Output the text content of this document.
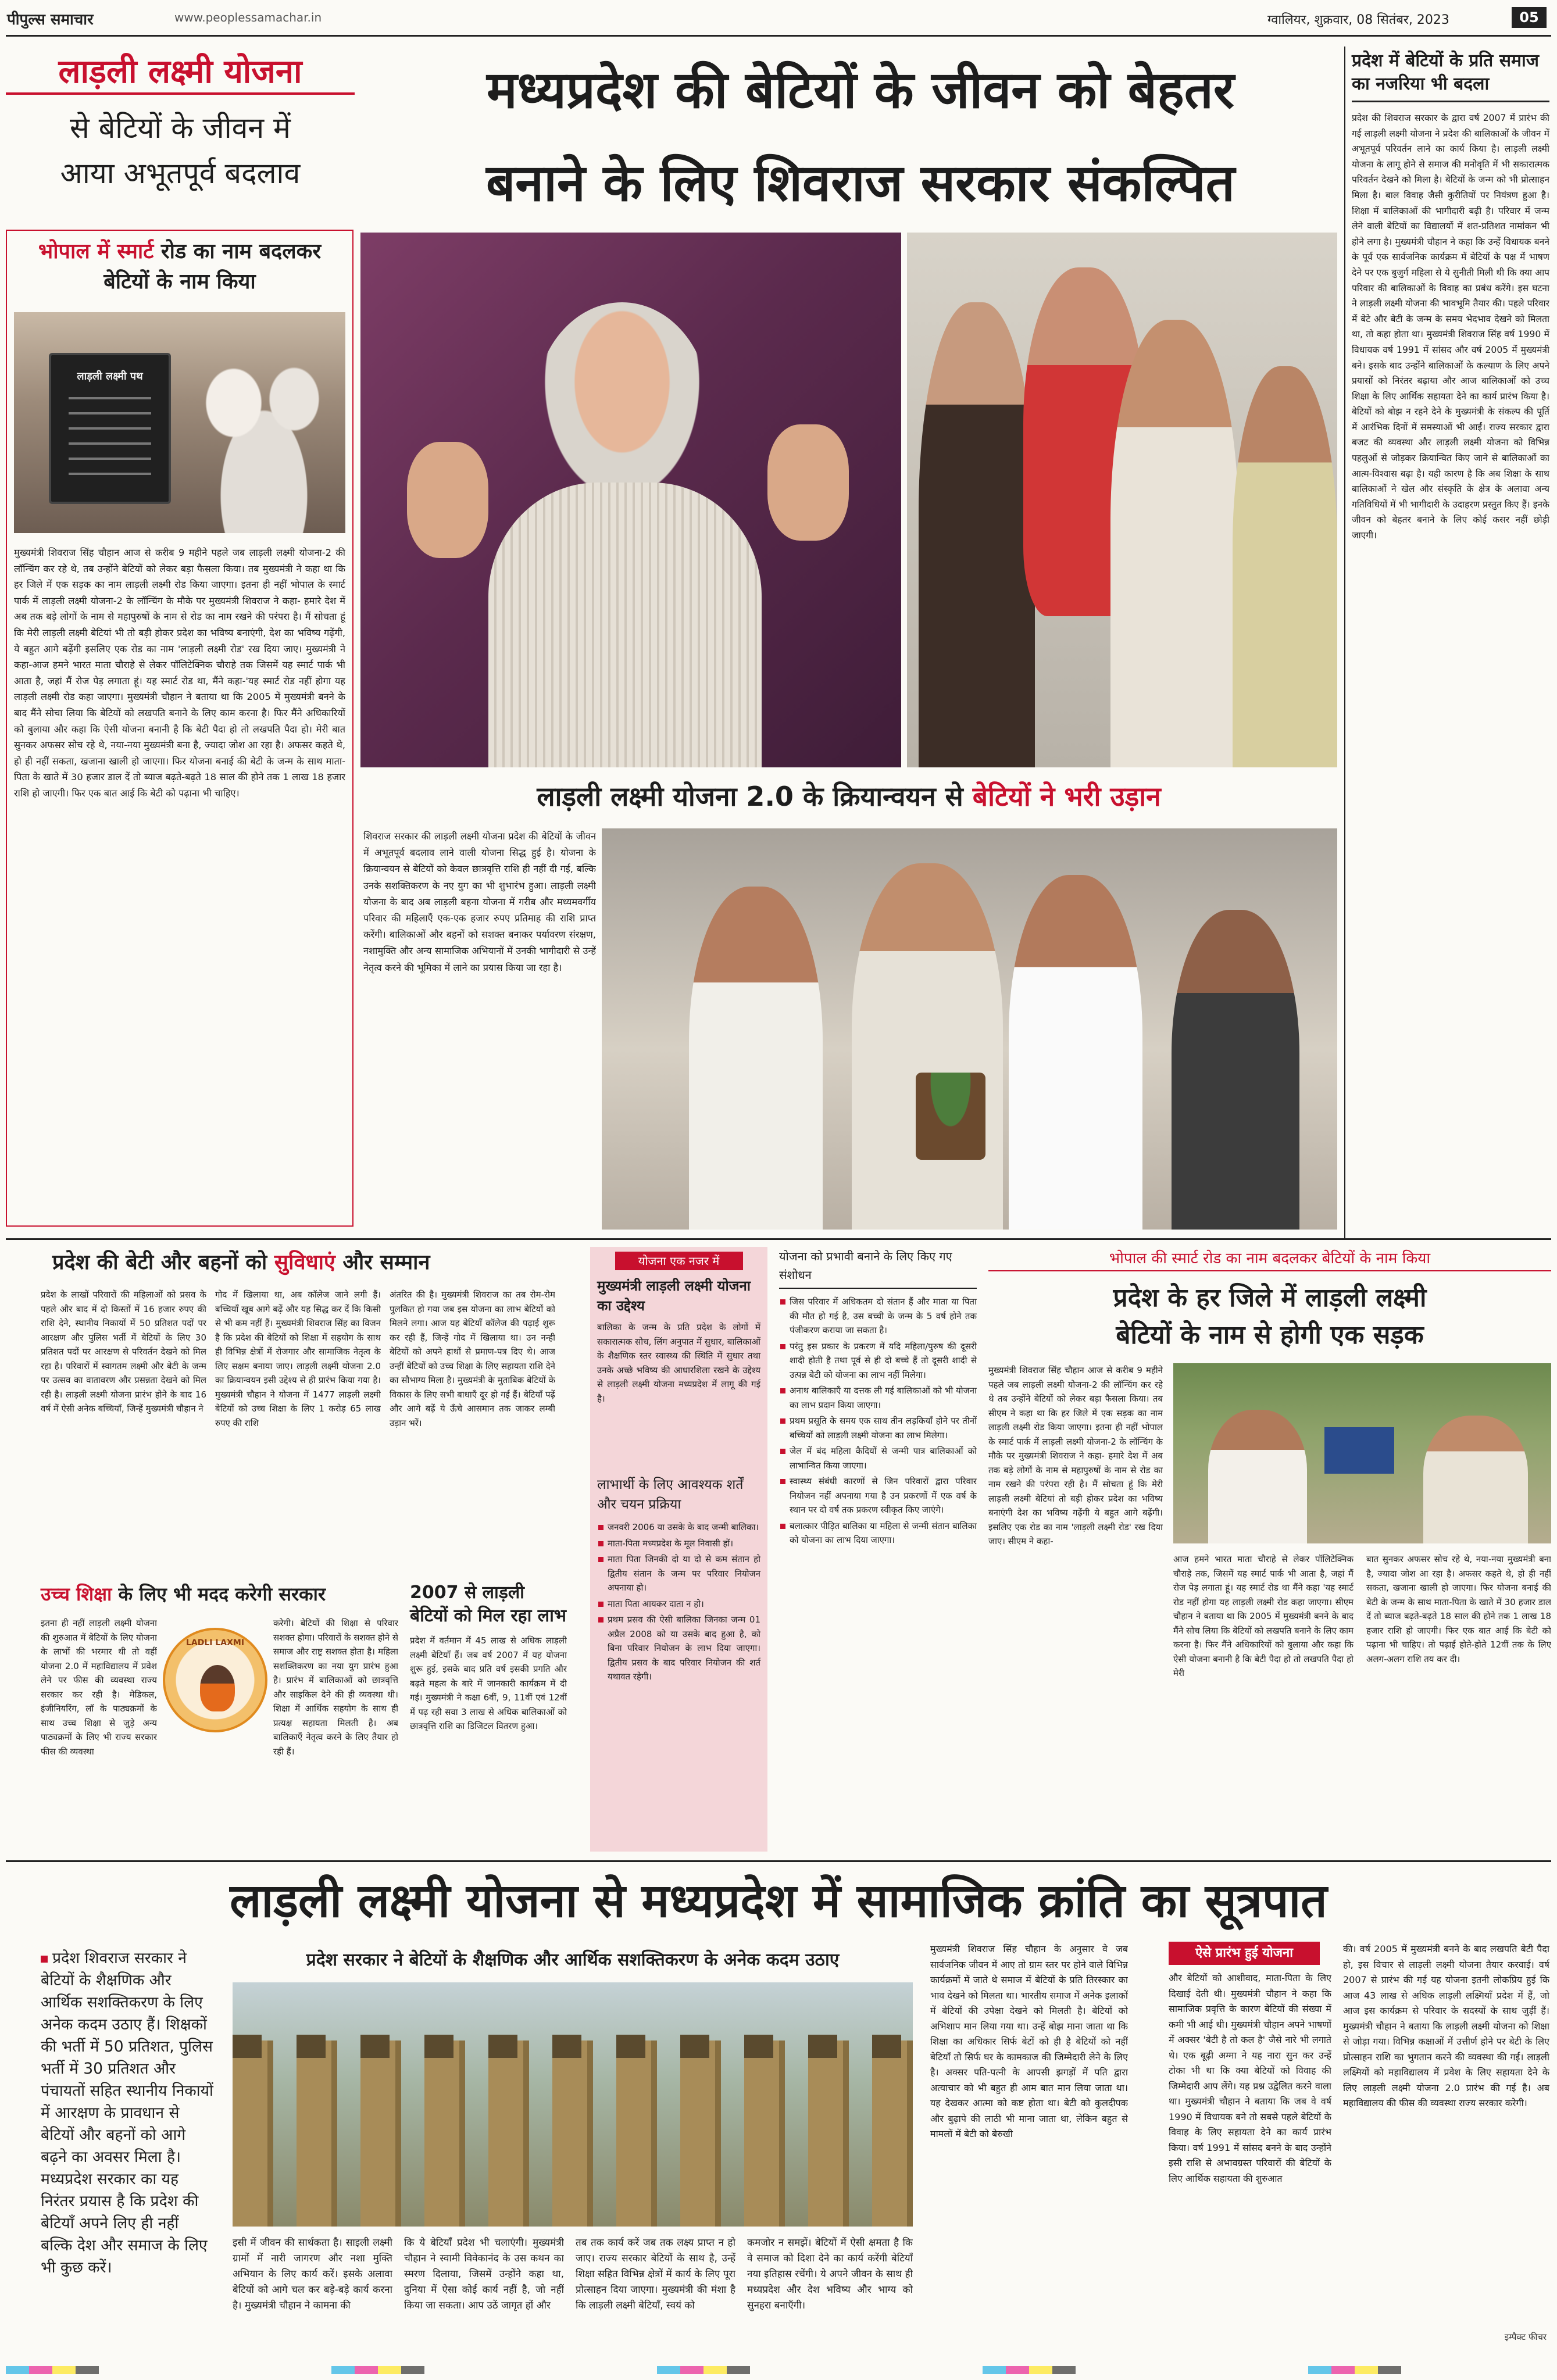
पीपुल्स समाचार	www.peoplessamachar.in	ग्वालियर, शुक्रवार, 08 सितंबर, 2023	05
लाड़ली लक्ष्मी योजना
से बेटियों के जीवन में
आया अभूतपूर्व बदलाव
मध्यप्रदेश की बेटियों के जीवन को बेहतर
बनाने के लिए शिवराज सरकार संकल्पित
प्रदेश में बेटियों के प्रति समाज का नजरिया भी बदला
प्रदेश की शिवराज सरकार के द्वारा वर्ष 2007 में प्रारंभ की गई लाड़ली लक्ष्मी योजना ने प्रदेश की बालिकाओं के जीवन में अभूतपूर्व परिवर्तन लाने का कार्य किया है। लाड़ली लक्ष्मी योजना के लागू होने से समाज की मनोवृति में भी सकारात्मक परिवर्तन देखने को मिला है। बेटियों के जन्म को भी प्रोत्साहन मिला है। बाल विवाह जैसी कुरीतियों पर नियंत्रण हुआ है। शिक्षा में बालिकाओं की भागीदारी बढ़ी है। परिवार में जन्म लेने वाली बेटियों का विद्यालयों में शत-प्रतिशत नामांकन भी होने लगा है। मुख्यमंत्री चौहान ने कहा कि उन्हें विधायक बनने के पूर्व एक सार्वजनिक कार्यक्रम में बेटियों के पक्ष में भाषण देने पर एक बुजुर्ग महिला से ये सुनीती मिली थी कि क्या आप परिवार की बालिकाओं के विवाह का प्रबंध करेंगे। इस घटना ने लाड़ली लक्ष्मी योजना की भावभूमि तैयार की। पहले परिवार में बेटे और बेटी के जन्म के समय भेदभाव देखने को मिलता था, तो कहा होता था। मुख्यमंत्री शिवराज सिंह वर्ष 1990 में विधायक वर्ष 1991 में सांसद और वर्ष 2005 में मुख्यमंत्री बने। इसके बाद उन्होंने बालिकाओं के कल्याण के लिए अपने प्रयासों को निरंतर बढ़ाया और आज बालिकाओं को उच्च शिक्षा के लिए आर्थिक सहायता देने का कार्य प्रारंभ किया है। बेटियों को बोझ न रहने देने के मुख्यमंत्री के संकल्प की पूर्ति में आरंभिक दिनों में समस्याओं भी आईं। राज्य सरकार द्वारा बजट की व्यवस्था और लाड़ली लक्ष्मी योजना को विभिन्न पहलुओं से जोड़कर क्रियान्वित किए जाने से बालिकाओं का आत्म-विश्वास बढ़ा है। यही कारण है कि अब शिक्षा के साथ बालिकाओं ने खेल और संस्कृति के क्षेत्र के अलावा अन्य गतिविधियों में भी भागीदारी के उदाहरण प्रस्तुत किए हैं। इनके जीवन को बेहतर बनाने के लिए कोई कसर नहीं छोड़ी जाएगी।
भोपाल में स्मार्ट रोड का नाम बदलकर बेटियों के नाम किया
लाड़ली लक्ष्मी पथ
मुख्यमंत्री शिवराज सिंह चौहान आज से करीब 9 महीने पहले जब लाड़ली लक्ष्मी योजना-2 की लॉन्चिंग कर रहे थे, तब उन्होंने बेटियों को लेकर बड़ा फैसला किया। तब मुख्यमंत्री ने कहा था कि हर जिले में एक सड़क का नाम लाड़ली लक्ष्मी रोड किया जाएगा। इतना ही नहीं भोपाल के स्मार्ट पार्क में लाड़ली लक्ष्मी योजना-2 के लॉन्चिंग के मौके पर मुख्यमंत्री शिवराज ने कहा- हमारे देश में अब तक बड़े लोगों के नाम से महापुरुषों के नाम से रोड का नाम रखने की परंपरा है। मैं सोचता हूं कि मेरी लाड़ली लक्ष्मी बेटियां भी तो बड़ी होकर प्रदेश का भविष्य बनाएंगी, देश का भविष्य गढ़ेंगी, ये बहुत आगे बढ़ेंगी इसलिए एक रोड का नाम 'लाड़ली लक्ष्मी रोड' रख दिया जाए। मुख्यमंत्री ने कहा-आज हमने भारत माता चौराहे से लेकर पॉलिटेक्निक चौराहे तक जिसमें यह स्मार्ट पार्क भी आता है, जहां मैं रोज पेड़ लगाता हूं। यह स्मार्ट रोड था, मैंने कहा-'यह स्मार्ट रोड नहीं होगा यह लाड़ली लक्ष्मी रोड कहा जाएगा। मुख्यमंत्री चौहान ने बताया था कि 2005 में मुख्यमंत्री बनने के बाद मैंने सोचा लिया कि बेटियों को लखपति बनाने के लिए काम करना है। फिर मैंने अधिकारियों को बुलाया और कहा कि ऐसी योजना बनानी है कि बेटी पैदा हो तो लखपति पैदा हो। मेरी बात सुनकर अफसर सोच रहे थे, नया-नया मुख्यमंत्री बना है, ज्यादा जोश आ रहा है। अफसर कहते थे, हो ही नहीं सकता, खजाना खाली हो जाएगा। फिर योजना बनाई की बेटी के जन्म के साथ माता-पिता के खाते में 30 हजार डाल दें तो ब्याज बढ़ते-बढ़ते 18 साल की होने तक 1 लाख 18 हजार राशि हो जाएगी। फिर एक बात आई कि बेटी को पढ़ाना भी चाहिए।	लाड़ली लक्ष्मी योजना 2.0 के क्रियान्वयन से बेटियों ने भरी उड़ान
शिवराज सरकार की लाड़ली लक्ष्मी योजना प्रदेश की बेटियों के जीवन में अभूतपूर्व बदलाव लाने वाली योजना सिद्ध हुई है। योजना के क्रियान्वयन से बेटियों को केवल छात्रवृत्ति राशि ही नहीं दी गई, बल्कि उनके सशक्तिकरण के नए युग का भी शुभारंभ हुआ। लाड़ली लक्ष्मी योजना के बाद अब लाड़ली बहना योजना में गरीब और मध्यमवर्गीय परिवार की महिलाएँ एक-एक हजार रुपए प्रतिमाह की राशि प्राप्त करेंगी। बालिकाओं और बहनों को सशक्त बनाकर पर्यावरण संरक्षण, नशामुक्ति और अन्य सामाजिक अभियानों में उनकी भागीदारी से उन्हें नेतृत्व करने की भूमिका में लाने का प्रयास किया जा रहा है।
प्रदेश की बेटी और बहनों को सुविधाएं और सम्मान
प्रदेश के लाखों परिवारों की महिलाओं को प्रसव के पहले और बाद में दो किस्तों में 16 हजार रुपए की राशि देने, स्थानीय निकायों में 50 प्रतिशत पदों पर आरक्षण और पुलिस भर्ती में बेटियों के लिए 30 प्रतिशत पदों पर आरक्षण से परिवर्तन देखने को मिल रहा है। परिवारों में स्वागतम लक्ष्मी और बेटी के जन्म पर उत्सव का वातावरण और प्रसन्नता देखने को मिल रही है। लाड़ली लक्ष्मी योजना प्रारंभ होने के बाद 16 वर्ष में ऐसी अनेक बच्चियाँ, जिन्हें मुख्यमंत्री चौहान ने
गोद में खिलाया था, अब कॉलेज जाने लगी हैं। बच्चियाँ खूब आगे बढ़ें और यह सिद्ध कर दें कि किसी से भी कम नहीं हैं। मुख्यमंत्री शिवराज सिंह का विजन है कि प्रदेश की बेटियों को शिक्षा में सहयोग के साथ ही विभिन्न क्षेत्रों में रोजगार और सामाजिक नेतृत्व के लिए सक्षम बनाया जाए। लाड़ली लक्ष्मी योजना 2.0 का क्रियान्वयन इसी उद्देश्य से ही प्रारंभ किया गया है। मुख्यमंत्री चौहान ने योजना में 1477 लाड़ली लक्ष्मी बेटियों को उच्च शिक्षा के लिए 1 करोड़ 65 लाख रुपए की राशि
अंतरित की है। मुख्यमंत्री शिवराज का तब रोम-रोम पुलकित हो गया जब इस योजना का लाभ बेटियों को मिलने लगा। आज यह बेटियाँ कॉलेज की पढ़ाई शुरू कर रही हैं, जिन्हें गोद में खिलाया था। उन नन्ही बेटियों को अपने हाथों से प्रमाण-पत्र दिए थे। आज उन्हीं बेटियों को उच्च शिक्षा के लिए सहायता राशि देने का सौभाग्य मिला है। मुख्यमंत्री के मुताबिक बेटियों के विकास के लिए सभी बाधाएँ दूर हो गई हैं। बेटियाँ पढ़ें और आगे बढ़ें ये ऊँचे आसमान तक जाकर लम्बी उड़ान भरें।
उच्च शिक्षा के लिए भी मदद करेगी सरकार
इतना ही नहीं लाड़ली लक्ष्मी योजना की शुरुआत में बेटियों के लिए योजना के लाभों की भरमार थी तो वहीं योजना 2.0 में महाविद्यालय में प्रवेश लेने पर फीस की व्यवस्था राज्य सरकार कर रही है। मेडिकल, इंजीनियरिंग, लॉ के पाठ्यक्रमों के साथ उच्च शिक्षा से जुड़े अन्य पाठ्यक्रमों के लिए भी राज्य सरकार फीस की व्यवस्था
LADLI LAXMI
करेगी। बेटियों की शिक्षा से परिवार सशक्त होगा। परिवारों के सशक्त होने से समाज और राष्ट्र सशक्त होता है। महिला सशक्तिकरण का नया युग प्रारंभ हुआ है। प्रारंभ में बालिकाओं को छात्रवृत्ति और साइकिल देने की ही व्यवस्था थी। शिक्षा में आर्थिक सहयोग के साथ ही प्रत्यक्ष सहायता मिलती है। अब बालिकाएँ नेतृत्व करने के लिए तैयार हो रही हैं।
2007 से लाड़ली बेटियों को मिल रहा लाभ
प्रदेश में वर्तमान में 45 लाख से अधिक लाड़ली लक्ष्मी बेटियाँ हैं। जब वर्ष 2007 में यह योजना शुरू हुई, इसके बाद प्रति वर्ष इसकी प्रगति और बढ़ते महत्व के बारे में जानकारी कार्यक्रम में दी गई। मुख्यमंत्री ने कक्षा 6वीं, 9, 11वीं एवं 12वीं में पढ़ रही सवा 3 लाख से अधिक बालिकाओं को छात्रवृत्ति राशि का डिजिटल वितरण हुआ।
योजना एक नजर में
मुख्यमंत्री लाड़ली लक्ष्मी योजना का उद्देश्य
बालिका के जन्म के प्रति प्रदेश के लोगों में सकारात्मक सोच, लिंग अनुपात में सुधार, बालिकाओं के शैक्षणिक स्तर स्वास्थ्य की स्थिति में सुधार तथा उनके अच्छे भविष्य की आधारशिला रखने के उद्देश्य से लाड़ली लक्ष्मी योजना मध्यप्रदेश में लागू की गई है।
लाभार्थी के लिए आवश्यक शर्तें और चयन प्रक्रिया
जनवरी 2006 या उसके के बाद जन्मी बालिका।
माता-पिता मध्यप्रदेश के मूल निवासी हों।
माता पिता जिनकी दो या दो से कम संतान हो द्वितीय संतान के जन्म पर परिवार नियोजन अपनाया हो।
माता पिता आयकर दाता न हो।
प्रथम प्रसव की ऐसी बालिका जिनका जन्म 01 अप्रैल 2008 को या उसके बाद हुआ है, को बिना परिवार नियोजन के लाभ दिया जाएगा। द्वितीय प्रसव के बाद परिवार नियोजन की शर्त यथावत रहेगी।
योजना को प्रभावी बनाने के लिए किए गए संशोधन
जिस परिवार में अधिकतम दो संतान हैं और माता या पिता की मौत हो गई है, उस बच्ची के जन्म के 5 वर्ष होने तक पंजीकरण कराया जा सकता है।
परंतु इस प्रकार के प्रकरण में यदि महिला/पुरुष की दूसरी शादी होती है तथा पूर्व से ही दो बच्चे हैं तो दूसरी शादी से उत्पन्न बेटी को योजना का लाभ नहीं मिलेगा।
अनाथ बालिकाएँ या दत्तक ली गई बालिकाओं को भी योजना का लाभ प्रदान किया जाएगा।
प्रथम प्रसूति के समय एक साथ तीन लड़कियाँ होने पर तीनों बच्चियों को लाड़ली लक्ष्मी योजना का लाभ मिलेगा।
जेल में बंद महिला कैदियों से जन्मी पात्र बालिकाओं को लाभान्वित किया जाएगा।
स्वास्थ्य संबंधी कारणों से जिन परिवारों द्वारा परिवार नियोजन नहीं अपनाया गया है उन प्रकरणों में एक वर्ष के स्थान पर दो वर्ष तक प्रकरण स्वीकृत किए जाएंगे।
बलात्कार पीड़ित बालिका या महिला से जन्मी संतान बालिका को योजना का लाभ दिया जाएगा।
भोपाल की स्मार्ट रोड का नाम बदलकर बेटियों के नाम किया
प्रदेश के हर जिले में लाड़ली लक्ष्मी
बेटियों के नाम से होगी एक सड़क
मुख्यमंत्री शिवराज सिंह चौहान आज से करीब 9 महीने पहले जब लाड़ली लक्ष्मी योजना-2 की लॉन्चिंग कर रहे थे तब उन्होंने बेटियों को लेकर बड़ा फैसला किया। तब सीएम ने कहा था कि हर जिले में एक सड़क का नाम लाड़ली लक्ष्मी रोड किया जाएगा। इतना ही नहीं भोपाल के स्मार्ट पार्क में लाड़ली लक्ष्मी योजना-2 के लॉन्चिंग के मौके पर मुख्यमंत्री शिवराज ने कहा- हमारे देश में अब तक बड़े लोगों के नाम से महापुरुषों के नाम से रोड का नाम रखने की परंपरा रही है। मैं सोचता हूं कि मेरी लाड़ली लक्ष्मी बेटियां तो बड़ी होकर प्रदेश का भविष्य बनाएंगी देश का भविष्य गढ़ेंगी ये बहुत आगे बढ़ेंगी। इसलिए एक रोड का नाम 'लाड़ली लक्ष्मी रोड' रख दिया जाए। सीएम ने कहा-
आज हमने भारत माता चौराहे से लेकर पॉलिटेक्निक चौराहे तक, जिसमें यह स्मार्ट पार्क भी आता है, जहां मैं रोज पेड़ लगाता हूं। यह स्मार्ट रोड था मैंने कहा 'यह स्मार्ट रोड नहीं होगा यह लाड़ली लक्ष्मी रोड कहा जाएगा। सीएम चौहान ने बताया था कि 2005 में मुख्यमंत्री बनने के बाद मैंने सोच लिया कि बेटियों को लखपति बनाने के लिए काम करना है। फिर मैंने अधिकारियों को बुलाया और कहा कि ऐसी योजना बनानी है कि बेटी पैदा हो तो लखपति पैदा हो मेरी
बात सुनकर अफसर सोच रहे थे, नया-नया मुख्यमंत्री बना है, ज्यादा जोश आ रहा है। अफसर कहते थे, हो ही नहीं सकता, खजाना खाली हो जाएगा। फिर योजना बनाई की बेटी के जन्म के साथ माता-पिता के खाते में 30 हजार डाल दें तो ब्याज बढ़ते-बढ़ते 18 साल की होने तक 1 लाख 18 हजार राशि हो जाएगी। फिर एक बात आई कि बेटी को पढ़ाना भी चाहिए। तो पढ़ाई होते-होते 12वीं तक के लिए अलग-अलग राशि तय कर दी।
लाड़ली लक्ष्मी योजना से मध्यप्रदेश में सामाजिक क्रांति का सूत्रपात
प्रदेश शिवराज सरकार ने बेटियों के शैक्षणिक और आर्थिक सशक्तिकरण के लिए अनेक कदम उठाए हैं। शिक्षकों की भर्ती में 50 प्रतिशत, पुलिस भर्ती में 30 प्रतिशत और पंचायतों सहित स्थानीय निकायों में आरक्षण के प्रावधान से बेटियों और बहनों को आगे बढ़ने का अवसर मिला है। मध्यप्रदेश सरकार का यह निरंतर प्रयास है कि प्रदेश की बेटियाँ अपने लिए ही नहीं बल्कि देश और समाज के लिए भी कुछ करें।
प्रदेश सरकार ने बेटियों के शैक्षणिक और आर्थिक सशक्तिकरण के अनेक कदम उठाए
इसी में जीवन की सार्थकता है। साइली लक्ष्मी ग्रामों में नारी जागरण और नशा मुक्ति अभियान के लिए कार्य करें। इसके अलावा बेटियों को आगे चल कर बड़े-बड़े कार्य करना है। मुख्यमंत्री चौहान ने कामना की
कि ये बेटियाँ प्रदेश भी चलाएंगी। मुख्यमंत्री चौहान ने स्वामी विवेकानंद के उस कथन का स्मरण दिलाया, जिसमें उन्होंने कहा था, दुनिया में ऐसा कोई कार्य नहीं है, जो नहीं किया जा सकता। आप उठें जागृत हों और
तब तक कार्य करें जब तक लक्ष्य प्राप्त न हो जाए। राज्य सरकार बेटियों के साथ है, उन्हें शिक्षा सहित विभिन्न क्षेत्रों में कार्य के लिए पूरा प्रोत्साहन दिया जाएगा। मुख्यमंत्री की मंशा है कि लाड़ली लक्ष्मी बेटियाँ, स्वयं को
कमजोर न समझें। बेटियों में ऐसी क्षमता है कि वे समाज को दिशा देने का कार्य करेंगी बेटियाँ नया इतिहास रचेंगी। ये अपने जीवन के साथ ही मध्यप्रदेश और देश भविष्य और भाग्य को सुनहरा बनाएँगी।
मुख्यमंत्री शिवराज सिंह चौहान के अनुसार वे जब सार्वजनिक जीवन में आए तो ग्राम स्तर पर होने वाले विभिन्न कार्यक्रमों में जाते थे समाज में बेटियों के प्रति तिरस्कार का भाव देखने को मिलता था। भारतीय समाज में अनेक इलाकों में बेटियों की उपेक्षा देखने को मिलती है। बेटियों को अभिशाप मान लिया गया था। उन्हें बोझ माना जाता था कि शिक्षा का अधिकार सिर्फ बेटों को ही है बेटियों को नहीं बेटियाँ तो सिर्फ घर के कामकाज की जिम्मेदारी लेने के लिए है। अक्सर पति-पत्नी के आपसी झगड़ों में पति द्वारा अत्याचार को भी बहुत ही आम बात मान लिया जाता था। यह देखकर आत्मा को कष्ट होता था। बेटी को कुलदीपक और बुढ़ापे की लाठी भी माना जाता था, लेकिन बहुत से मामलों में बेटी को बेरुखी
ऐसे प्रारंभ हुई योजना
और बेटियों को आशीवाद, माता-पिता के लिए दिखाई देती थी। मुख्यमंत्री चौहान ने कहा कि सामाजिक प्रवृत्ति के कारण बेटियों की संख्या में कमी भी आई थी। मुख्यमंत्री चौहान अपने भाषणों में अक्सर 'बेटी है तो कल है' जैसे नारे भी लगाते थे। एक बूढ़ी अम्मा ने यह नारा सुन कर उन्हें टोका भी था कि क्या बेटियों को विवाह की जिम्मेदारी आप लेंगे। यह प्रश्न उद्वेलित करने वाला था। मुख्यमंत्री चौहान ने बताया कि जब वे वर्ष 1990 में विधायक बने तो सबसे पहले बेटियों के विवाह के लिए सहायता देने का कार्य प्रारंभ किया। वर्ष 1991 में सांसद बनने के बाद उन्होंने इसी राशि से अभावग्रस्त परिवारों की बेटियों के लिए आर्थिक सहायता की शुरुआत
की। वर्ष 2005 में मुख्यमंत्री बनने के बाद लखपति बेटी पैदा हो, इस विचार से लाड़ली लक्ष्मी योजना तैयार करवाई। वर्ष 2007 से प्रारंभ की गई यह योजना इतनी लोकप्रिय हुई कि आज 43 लाख से अधिक लाड़ली लक्ष्मियाँ प्रदेश में हैं, जो आज इस कार्यक्रम से परिवार के सदस्यों के साथ जुड़ीं हैं। मुख्यमंत्री चौहान ने बताया कि लाड़ली लक्ष्मी योजना को शिक्षा से जोड़ा गया। विभिन्न कक्षाओं में उत्तीर्ण होने पर बेटी के लिए प्रोत्साहन राशि का भुगतान करने की व्यवस्था की गई। लाड़ली लक्ष्मियों को महाविद्यालय में प्रवेश के लिए सहायता देने के लिए लाड़ली लक्ष्मी योजना 2.0 प्रारंभ की गई है। अब महाविद्यालय की फीस की व्यवस्था राज्य सरकार करेगी।
इम्पैक्ट फीचर
